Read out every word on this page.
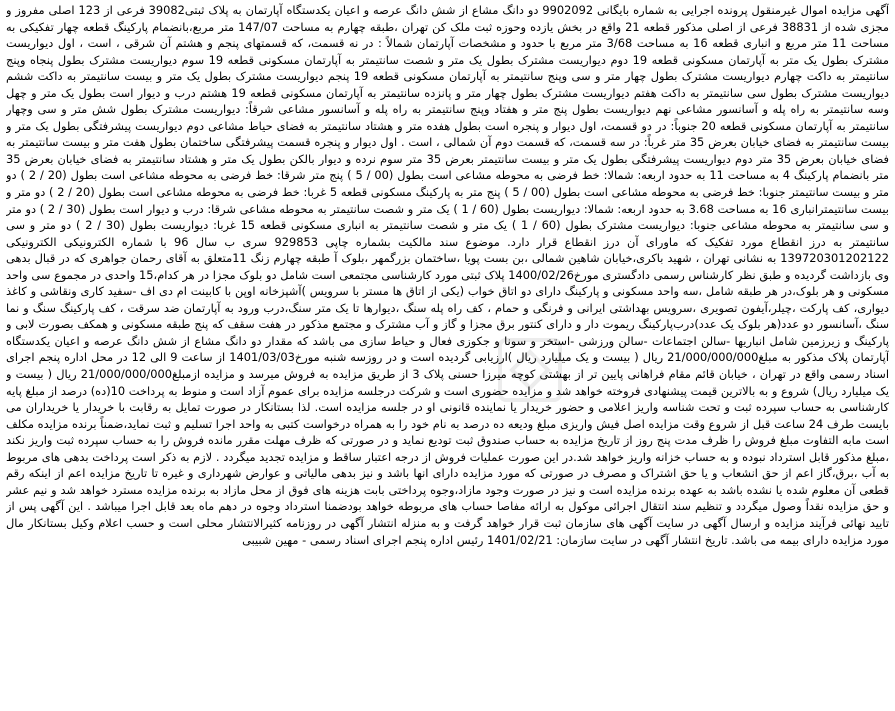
آگهی مزایده اموال غیرمنقول پرونده اجرایی به شماره بایگانی 9902092 دو دانگ مشاع از شش دانگ عرصه و اعیان یکدستگاه آپارتمان به پلاک ثبتی39082 فرعی از 123 اصلی مفروز و مجزی شده از 38831 فرعی از اصلی مذکور قطعه 21 واقع در بخش یازده وحوزه ثبت ملک کن تهران ،طبقه چهارم به مساحت 147/07 متر مربع،بانضمام پارکینگ قطعه چهار تفکیکی به مساحت 11 متر مربع و انباری قطعه 16 به مساحت 3/68 متر مربع با حدود و مشخصات آپارتمان شمالاً : در نه قسمت، که قسمتهای پنجم و هشتم آن شرقی ، است ، اول دیواریست مشترک بطول یک متر به آپارتمان مسکونی قطعه 19 دوم دیواریست مشترک بطول یک متر و شصت سانتیمتر به آپارتمان مسکونی قطعه 19 سوم دیواریست مشترک بطول پنجاه وپنج سانتیمتر به داکت چهارم دیواریست مشترک بطول چهار متر و سی وپنج سانتیمتر به آپارتمان مسکونی قطعه 19 پنجم دیواریست مشترک بطول یک متر و بیست سانتیمتر به داکت ششم دیواریست مشترک بطول سی سانتیمتر به داکت هفتم دیواریست مشترک بطول چهار متر و پانزده سانتیمتر به آپارتمان مسکونی قطعه 19 هشتم درب و دیوار است بطول یک متر و چهل وسه سانتیمتر به راه پله و آسانسور مشاعی نهم دیواریست بطول پنج متر و هفتاد وپنج سانتیمتر به راه پله و آسانسور مشاعی شرقاً: دیواریست مشترک بطول شش متر و سی وچهار سانتیمتر به آپارتمان مسکونی قطعه 20 جنوباً: در دو قسمت، اول دیوار و پنجره است بطول هفده متر و هشتاد سانتیمتر به فضای حیاط مشاعی دوم دیواریست پیشرفتگی بطول یک متر و بیست سانتیمتر به فضای خیابان بعرض 35 متر غرباً: در سه قسمت، که قسمت دوم آن شمالی ، است . اول دیوار و پنجره قسمت پیشرفتگی ساختمان بطول هفت متر و بیست سانتیمتر به فضای خیابان بعرض 35 متر دوم دیواریست پیشرفتگی بطول یک متر و بیست سانتیمتر بعرض 35 متر سوم نرده و دیوار بالکن بطول یک متر و هشتاد سانتیمتر به فضای خیابان بعرض 35 متر بانضمام پارکینگ 4 به مساحت 11 به حدود اربعه: شمالا: خط فرضی به محوطه مشاعی است بطول (00 / 5 ) پنج متر شرقا: خط فرضی به محوطه مشاعی است بطول (20 / 2 ) دو متر و بیست سانتیمتر جنوبا: خط فرضی به محوطه مشاعی است بطول (00 / 5 ) پنج متر به پارکینگ مسکونی قطعه 5 غربا: خط فرضی به محوطه مشاعی است بطول (20 / 2 ) دو متر و بیست سانتیمترانباری 16 به مساحت 3.68 به حدود اربعه: شمالا: دیواریست بطول (60 / 1 ) یک متر و شصت سانتیمتر به محوطه مشاعی شرقا: درب و دیوار است بطول (30 / 2 ) دو متر و سی سانتیمتر به محوطه مشاعی جنوبا: دیواریست مشترک بطول (60 / 1 ) یک متر و شصت سانتیمتر به انباری مسکونی قطعه 15 غربا: دیواریست بطول (30 / 2 ) دو متر و سی سانتیمتر به درز انقطاع مورد تفکیک که ماورای آن درز انقطاع قرار دارد. موضوع سند مالکیت بشماره چاپی 929853 سری ب سال 96 با شماره الکترونیکی الکترونیکی 139720301202122 به نشانی تهران ، شهید باکری،خیابان شاهین شمالی ،بن بست پویا ،ساختمان بزرگمهر ،بلوک آ طبقه چهارم زنگ 11متعلق به آقای رحمان جواهری که در قبال بدهی وی بازداشت گردیده و طبق نظر کارشناس رسمی دادگستری مورخ1400/02/26 پلاک ثبتی مورد کارشناسی مجتمعی است شامل دو بلوک مجزا در هر کدام،15 واحدی در مجموع سی واحد مسکونی و هر بلوک،در هر طبقه شامل ،سه واحد مسکونی و پارکینگ دارای دو اتاق خواب (یکی از اتاق ها مستر با سرویس )آشپزخانه اوپن با کابینت ام دی اف -سفید کاری ونقاشی و کاغذ دیواری، کف پارکت ،چیلر،آیفون تصویری ،سرویس بهداشتی ایرانی و فرنگی و حمام ، کف راه پله سنگ ،دیوارها تا یک متر سنگ،درب ورود به آپارتمان ضد سرقت ، کف پارکینگ سنگ و نما سنگ ،آسانسور دو عدد(هر بلوک یک عدد)درب‌پارکینگ ریموت دار و دارای کنتور برق مجزا و گاز و آب مشترک و مجتمع مذکور در هفت سقف که پنج طبقه مسکونی و همکف بصورت لابی و پارکینگ و زیرزمین شامل انباریها -سالن اجتماعات -سالن ورزشی -استخر و سونا و جکوزی فعال و حیاط سازی می باشد که مقدار دو دانگ مشاع از شش دانگ عرصه و اعیان یکدستگاه آپارتمان پلاک مذکور به مبلغ21/000/000/000 ریال ( بیست و یک میلیارد ریال )ارزیابی گردیده است و در روزسه شنبه مورخ1401/03/03 از ساعت 9 الی 12 در محل اداره پنجم اجرای اسناد رسمی واقع در تهران ، خیابان قائم مقام فراهانی پایین تر از بهشتی کوچه میرزا حسنی پلاک 3 از طریق مزایده به فروش میرسد و مزایده ازمبلغ21/000/000/000 ریال ( بیست و یک میلیارد ریال) شروع و به بالاترین قیمت پیشنهادی فروخته خواهد شد و مزایده حضوری است و شرکت درجلسه مزایده برای عموم آزاد است و منوط به پرداخت 10(ده) درصد از مبلغ پایه کارشناسی به حساب سپرده ثبت و تحت شناسه واریز اعلامی و حضور خریدار یا نماینده قانونی او در جلسه مزایده است. لذا بستانکار در صورت تمایل به رقابت با خریدار یا خریداران می بایست طرف 24 ساعت قبل از شروع وقت مزایده اصل فیش واریزی مبلغ ودیعه ده درصد به نام خود را به همراه درخواست کتبی به واحد اجرا تسلیم و ثبت نماید،ضمناً برنده مزایده مکلف است مابه التفاوت مبلغ فروش را ظرف مدت پنج روز از تاریخ مزایده به حساب صندوق ثبت تودیع نماید و در صورتی که ظرف مهلت مقرر مانده فروش را به حساب سپرده ثبت واریز نکند ،مبلغ مذکور قابل استرداد نبوده و به حساب خزانه واریز خواهد شد.در این صورت عملیات فروش از درجه اعتبار ساقط و مزایده تجدید میگردد . لازم به ذکر است پرداخت بدهی های مربوط به آب ،برق،گاز اعم از حق انشعاب و یا حق اشتراک و مصرف در صورتی که مورد مزایده دارای انها باشد و نیز بدهی مالیاتی و عوارض شهرداری و غیره تا تاریخ مزایده اعم از اینکه رقم قطعی آن معلوم شده یا نشده باشد به عهده برنده مزایده است و نیز در صورت وجود مازاد،وجوه پرداختی بابت هزینه های فوق از محل مازاد به برنده مزایده مسترد خواهد شد و نیم عشر و حق مزایده نقداً وصول میگردد و تنظیم سند انتقال اجرائی موکول به ارائه مفاصا حساب های مربوطه خواهد بودضمنا استرداد وجوه در دهم ماه بعد قابل اجرا میباشد . این آگهی پس از تایید نهائی فرآیند مزایده و ارسال آگهی در سایت آگهی های سازمان ثبت قرار خواهد گرفت و به منزله انتشار آگهی در روزنامه کثیرالانتشار محلی است و حسب اعلام وکیل بستانکار مال مورد مزایده دارای بیمه می باشد. تاریخ انتشار آگهی در سایت سازمان: 1401/02/21 رئیس اداره پنجم اجرای اسناد رسمی - مهین شبیبی
